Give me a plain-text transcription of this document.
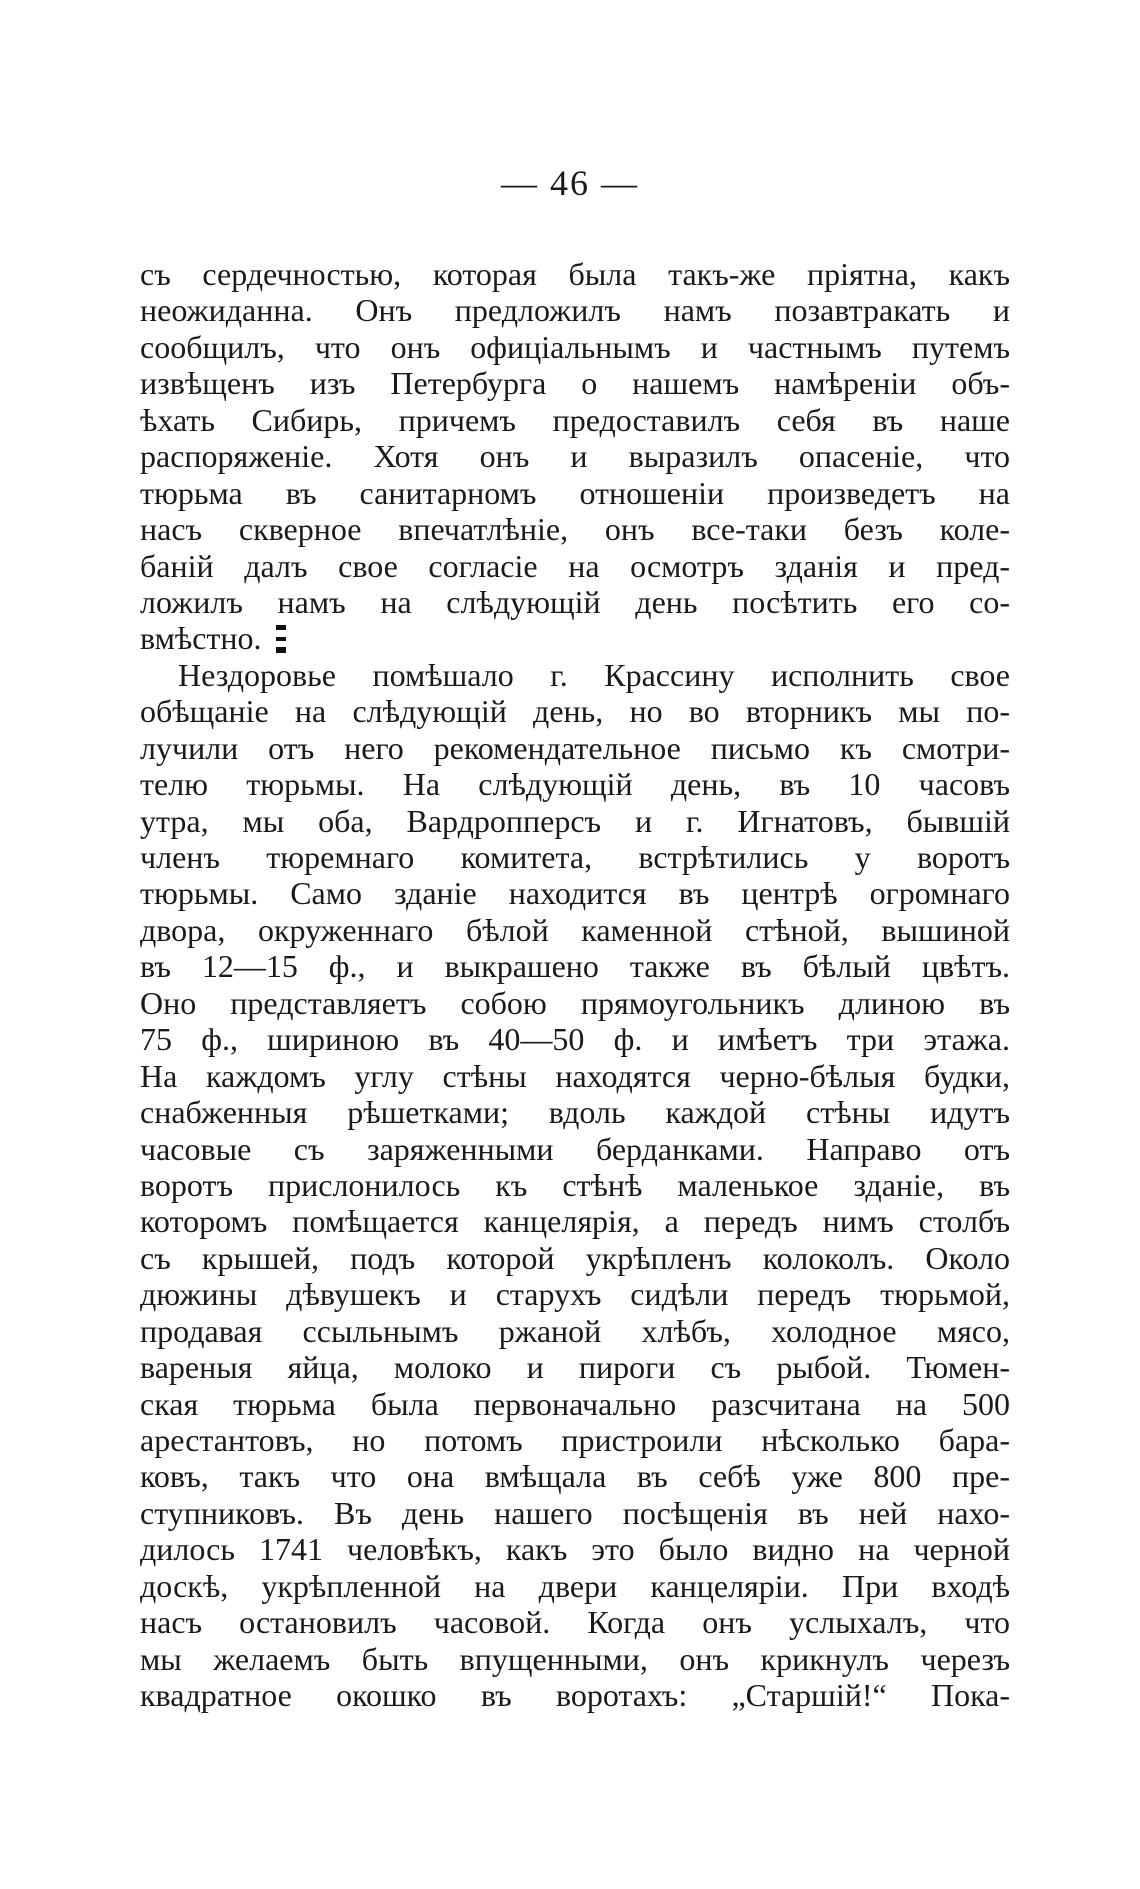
— 46 —
съ сердечностью, которая была такъ-же пріятна, какъ
неожиданна. Онъ предложилъ намъ позавтракать и
сообщилъ, что онъ офиціальнымъ и частнымъ путемъ
извѣщенъ изъ Петербурга о нашемъ намѣреніи объ-
ѣхать Сибирь, причемъ предоставилъ себя въ наше
распоряженіе. Хотя онъ и выразилъ опасеніе, что
тюрьма въ санитарномъ отношеніи произведетъ на
насъ скверное впечатлѣніе, онъ все-таки безъ коле-
баній далъ свое согласіе на осмотръ зданія и пред-
ложилъ намъ на слѣдующій день посѣтить его со-
вмѣстно.
Нездоровье помѣшало г. Крассину исполнить свое
обѣщаніе на слѣдующій день, но во вторникъ мы по-
лучили отъ него рекомендательное письмо къ смотри-
телю тюрьмы. На слѣдующій день, въ 10 часовъ
утра, мы оба, Вардропперсъ и г. Игнатовъ, бывшій
членъ тюремнаго комитета, встрѣтились у воротъ
тюрьмы. Само зданіе находится въ центрѣ огромнаго
двора, окруженнаго бѣлой каменной стѣной, вышиной
въ 12—15 ф., и выкрашено также въ бѣлый цвѣтъ.
Оно представляетъ собою прямоугольникъ длиною въ
75 ф., шириною въ 40—50 ф. и имѣетъ три этажа.
На каждомъ углу стѣны находятся черно-бѣлыя будки,
снабженныя рѣшетками; вдоль каждой стѣны идутъ
часовые съ заряженными берданками. Направо отъ
воротъ прислонилось къ стѣнѣ маленькое зданіе, въ
которомъ помѣщается канцелярія, а передъ нимъ столбъ
съ крышей, подъ которой укрѣпленъ колоколъ. Около
дюжины дѣвушекъ и старухъ сидѣли передъ тюрьмой,
продавая ссыльнымъ ржаной хлѣбъ, холодное мясо,
вареныя яйца, молоко и пироги съ рыбой. Тюмен-
ская тюрьма была первоначально разсчитана на 500
арестантовъ, но потомъ пристроили нѣсколько бара-
ковъ, такъ что она вмѣщала въ себѣ уже 800 пре-
ступниковъ. Въ день нашего посѣщенія въ ней нахо-
дилось 1741 человѣкъ, какъ это было видно на черной
доскѣ, укрѣпленной на двери канцеляріи. При входѣ
насъ остановилъ часовой. Когда онъ услыхалъ, что
мы желаемъ быть впущенными, онъ крикнулъ черезъ
квадратное окошко въ воротахъ: „Старшій!“ Пока-
